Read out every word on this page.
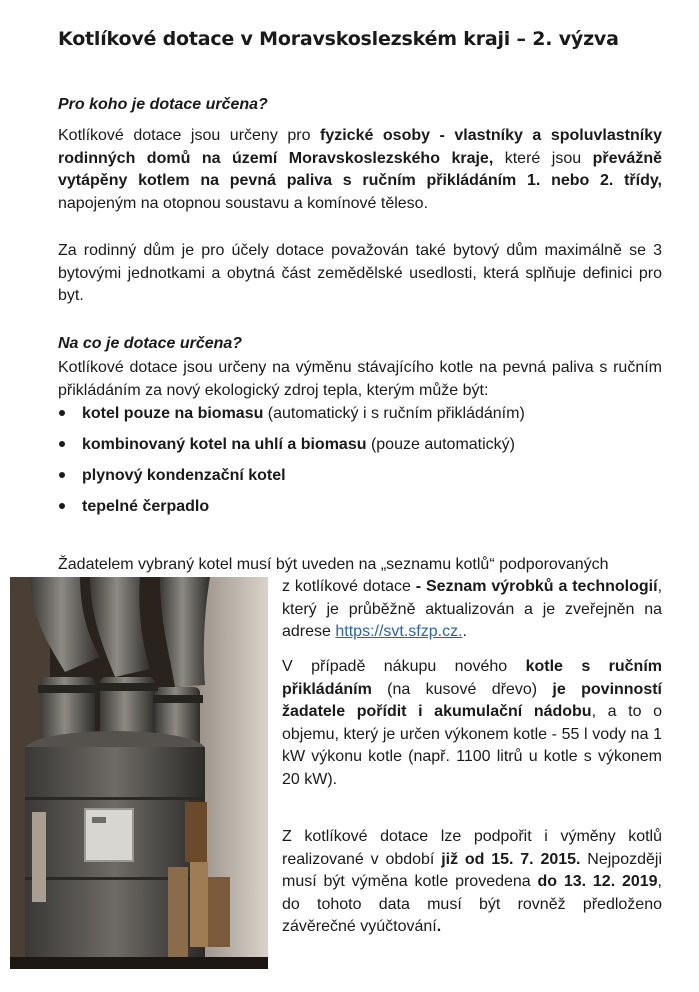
Kotlíkové dotace v Moravskoslezském kraji – 2. výzva
Pro koho je dotace určena?
Kotlíkové dotace jsou určeny pro fyzické osoby - vlastníky a spoluvlastníky rodinných domů na území Moravskoslezského kraje, které jsou převážně vytápěny kotlem na pevná paliva s ručním přikládáním 1. nebo 2. třídy, napojeným na otopnou soustavu a komínové těleso.
Za rodinný dům je pro účely dotace považován také bytový dům maximálně se 3 bytovými jednotkami a obytná část zemědělské usedlosti, která splňuje definici pro byt.
Na co je dotace určena?
Kotlíkové dotace jsou určeny na výměnu stávajícího kotle na pevná paliva s ručním přikládáním za nový ekologický zdroj tepla, kterým může být:
kotel pouze na biomasu (automatický i s ručním přikládáním)
kombinovaný kotel na uhlí a biomasu (pouze automatický)
plynový kondenzační kotel
tepelné čerpadlo
Žadatelem vybraný kotel musí být uveden na „seznamu kotlů“ podporovaných
z kotlíkové dotace - Seznam výrobků a technologií, který je průběžně aktualizován a je zveřejněn na adrese https://svt.sfzp.cz..
V případě nákupu nového kotle s ručním přikládáním (na kusové dřevo) je povinností žadatele pořídit i akumulační nádobu, a to o objemu, který je určen výkonem kotle - 55 l vody na 1 kW výkonu kotle (např. 1100 litrů u kotle s výkonem 20 kW).
Z kotlíkové dotace lze podpořit i výměny kotlů realizované v období již od 15. 7. 2015. Nejpozději musí být výměna kotle provedena do 13. 12. 2019, do tohoto data musí být rovněž předloženo závěrečné vyúčtování.
